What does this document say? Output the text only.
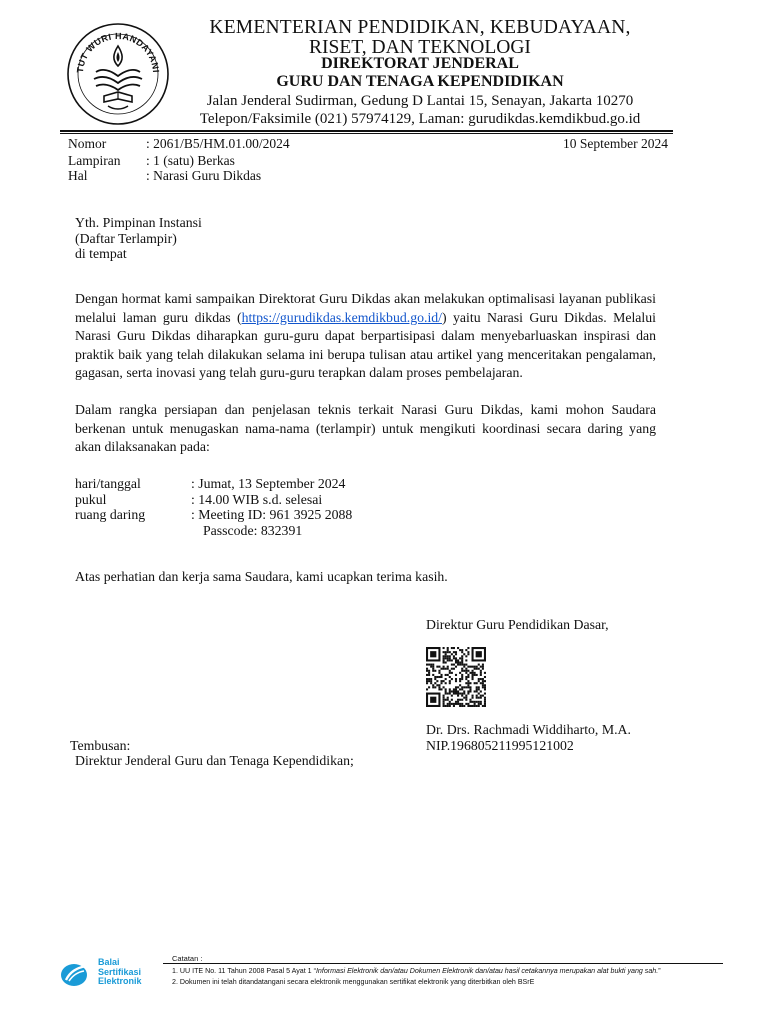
TUT WURI HANDAYANI
KEMENTERIAN PENDIDIKAN, KEBUDAYAAN,
RISET, DAN TEKNOLOGI
DIREKTORAT JENDERAL
GURU DAN TENAGA KEPENDIDIKAN
Jalan Jenderal Sudirman, Gedung D Lantai 15, Senayan, Jakarta 10270
Telepon/Faksimile (021) 57974129, Laman: gurudikdas.kemdikbud.go.id
Nomor	: 2061/B5/HM.01.00/2024	10 September 2024
Lampiran : 1 (satu) Berkas
Hal	: Narasi Guru Dikdas
Yth. Pimpinan Instansi
(Daftar Terlampir)
di tempat
Dengan hormat kami sampaikan Direktorat Guru Dikdas akan melakukan optimalisasi layanan publikasi melalui laman guru dikdas (https://gurudikdas.kemdikbud.go.id/) yaitu Narasi Guru Dikdas. Melalui Narasi Guru Dikdas diharapkan guru-guru dapat berpartisipasi dalam menyebarluaskan inspirasi dan praktik baik yang telah dilakukan selama ini berupa tulisan atau artikel yang menceritakan pengalaman, gagasan, serta inovasi yang telah guru-guru terapkan dalam proses pembelajaran.
Dalam rangka persiapan dan penjelasan teknis terkait Narasi Guru Dikdas, kami mohon Saudara berkenan untuk menugaskan nama-nama (terlampir) untuk mengikuti koordinasi secara daring yang akan dilaksanakan pada:
hari/tanggal	: Jumat, 13 September 2024
pukul	: 14.00 WIB s.d. selesai
ruang daring	: Meeting ID: 961 3925 2088
Passcode: 832391
Atas perhatian dan kerja sama Saudara, kami ucapkan terima kasih.
Direktur Guru Pendidikan Dasar,
Dr. Drs. Rachmadi Widdiharto, M.A.
NIP.196805211995121002
Tembusan:
Direktur Jenderal Guru dan Tenaga Kependidikan;
Balai
Sertifikasi
Elektronik
Catatan :
1. UU ITE No. 11 Tahun 2008 Pasal 5 Ayat 1 “Informasi Elektronik dan/atau Dokumen Elektronik dan/atau hasil cetakannya merupakan alat bukti yang sah.”
2. Dokumen ini telah ditandatangani secara elektronik menggunakan sertifikat elektronik yang diterbitkan oleh BSrE
